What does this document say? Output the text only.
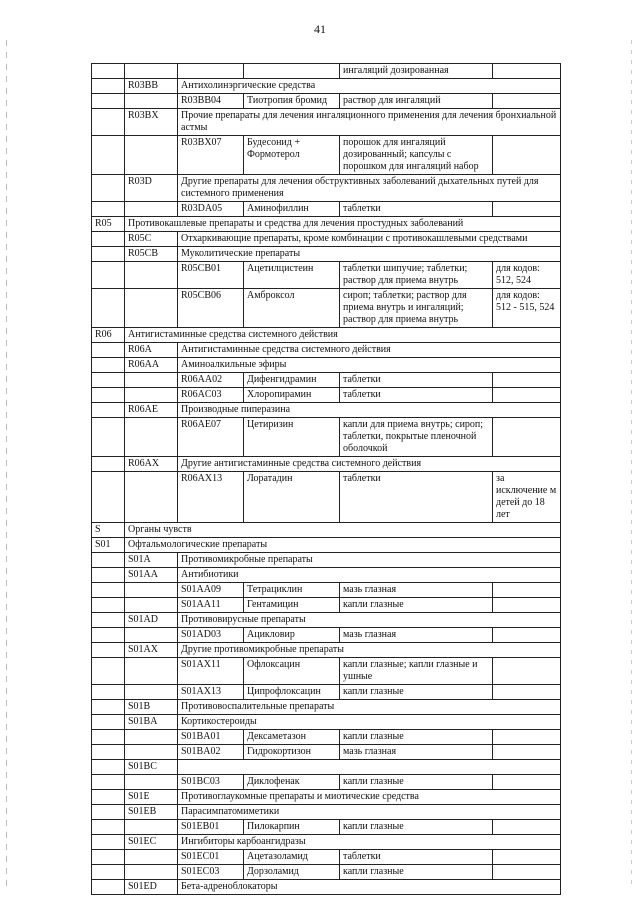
41
				ингаляций дозированная	
	R03BB	Антихолинэргические средства			
		R03BB04	Тиотропия бромид	раствор для ингаляций	
	R03BX	Прочие препараты для лечения ингаляционного применения для лечения бронхиальной астмы			
		R03BX07	Будесонид + Формотерол	порошок для ингаляций дозированный; капсулы с порошком для ингаляций набор	
	R03D	Другие препараты для лечения обструктивных заболеваний дыхательных путей для системного применения			
		R03DA05	Аминофиллин	таблетки	
R05	Противокашлевые препараты и средства для лечения простудных заболеваний				
	R05C	Отхаркивающие препараты, кроме комбинации с противокашлевыми средствами			
	R05CB	Муколитические препараты			
		R05CB01	Ацетилцистеин	таблетки шипучие; таблетки; раствор для приема внутрь	для кодов: 512, 524
		R05CB06	Амброксол	сироп; таблетки; раствор для приема внутрь и ингаляций; раствор для приема внутрь	для кодов: 512 - 515, 524
R06	Антигистаминные средства системного действия				
	R06A	Антигистаминные средства системного действия			
	R06AA	Аминоалкильные эфиры			
		R06AA02	Дифенгидрамин	таблетки	
		R06AC03	Хлоропирамин	таблетки	
	R06AE	Производные пиперазина			
		R06AE07	Цетиризин	капли для приема внутрь; сироп; таблетки, покрытые пленочной оболочкой	
	R06AX	Другие антигистаминные средства системного действия			
		R06AX13	Лоратадин	таблетки	за исключение м детей до 18 лет
S	Органы чувств				
S01	Офтальмологические препараты				
	S01A	Противомикробные препараты			
	S01AA	Антибиотики			
		S01AA09	Тетрациклин	мазь глазная	
		S01AA11	Гентамицин	капли глазные	
	S01AD	Противовирусные препараты			
		S01AD03	Ацикловир	мазь глазная	
	S01AX	Другие противомикробные препараты			
		S01AX11	Офлоксацин	капли глазные; капли глазные и ушные	
		S01AX13	Ципрофлоксацин	капли глазные	
	S01B	Противовоспалительные препараты			
	S01BA	Кортикостероиды			
		S01BA01	Дексаметазон	капли глазные	
		S01BA02	Гидрокортизон	мазь глазная	
	S01BC				
		S01BC03	Диклофенак	капли глазные	
	S01E	Противоглаукомные препараты и миотические средства			
	S01EB	Парасимпатомиметики			
		S01EB01	Пилокарпин	капли глазные	
	S01EC	Ингибиторы карбоангидразы			
		S01EC01	Ацетазоламид	таблетки	
		S01EC03	Дорзоламид	капли глазные	
	S01ED	Бета-адреноблокаторы			
